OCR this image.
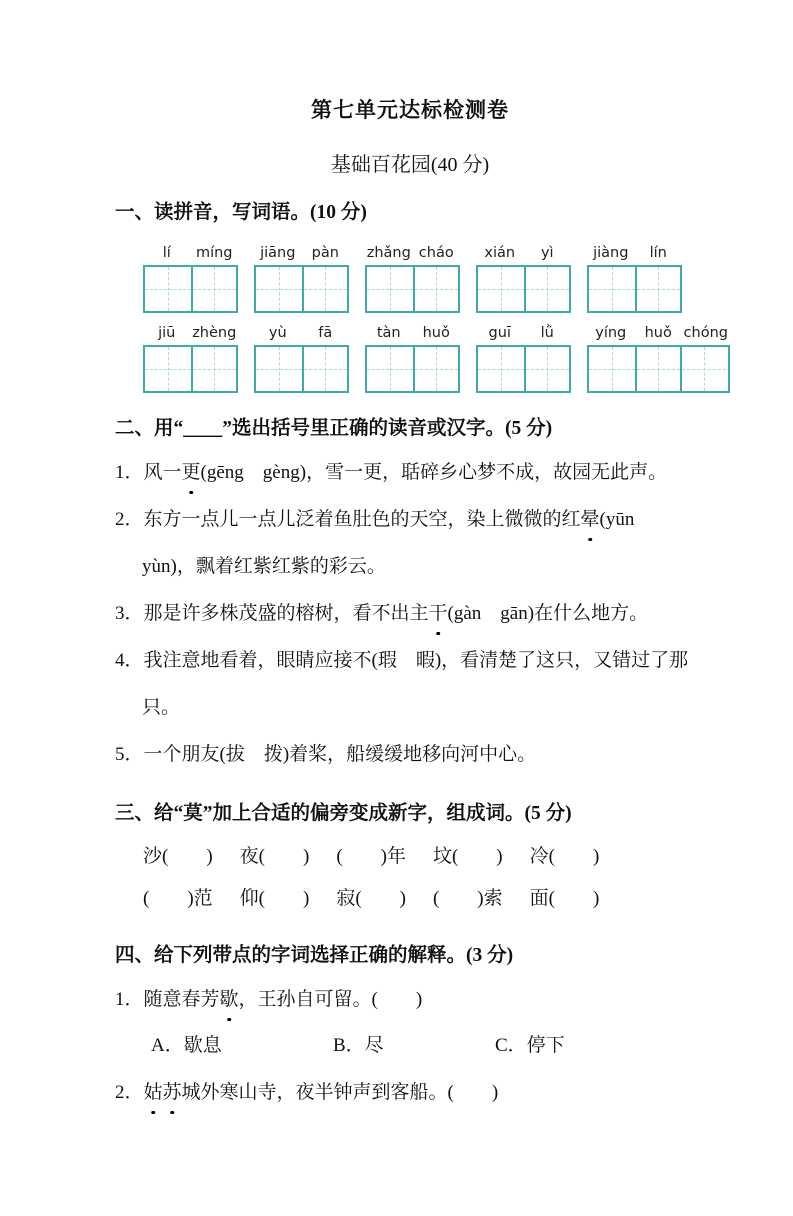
第七单元达标检测卷
基础百花园(40 分)
一、读拼音，写词语。(10 分)
lí	míng	jiāng	pàn	zhǎng cháo	xián	yì	jiàng	lín
jiū	zhèng	yù	fā	tàn	huǒ	guī	lǜ	yíng	huǒ chóng
二、用“____”选出括号里正确的读音或汉字。(5 分)
1．风一更(gēng　gèng)，雪一更，聒碎乡心梦不成，故园无此声。
2．东方一点儿一点儿泛着鱼肚色的天空，染上微微的红晕(yūn　yùn)，飘着红紫红紫的彩云。
3．那是许多株茂盛的榕树，看不出主干(gàn　gān)在什么地方。
4．我注意地看着，眼睛应接不(瑕　暇)，看清楚了这只，又错过了那只。
5．一个朋友(拔　拨)着桨，船缓缓地移向河中心。
三、给“莫”加上合适的偏旁变成新字，组成词。(5 分)
沙(　　) 夜(　　) (　　)年 坟(　　) 冷(　　)
(　　)范 仰(　　) 寂(　　) (　　)索 面(　　)
四、给下列带点的字词选择正确的解释。(3 分)
1．随意春芳歇，王孙自可留。(　　)
A．歇息	B．尽	C．停下
2．姑苏城外寒山寺，夜半钟声到客船。(　　)
